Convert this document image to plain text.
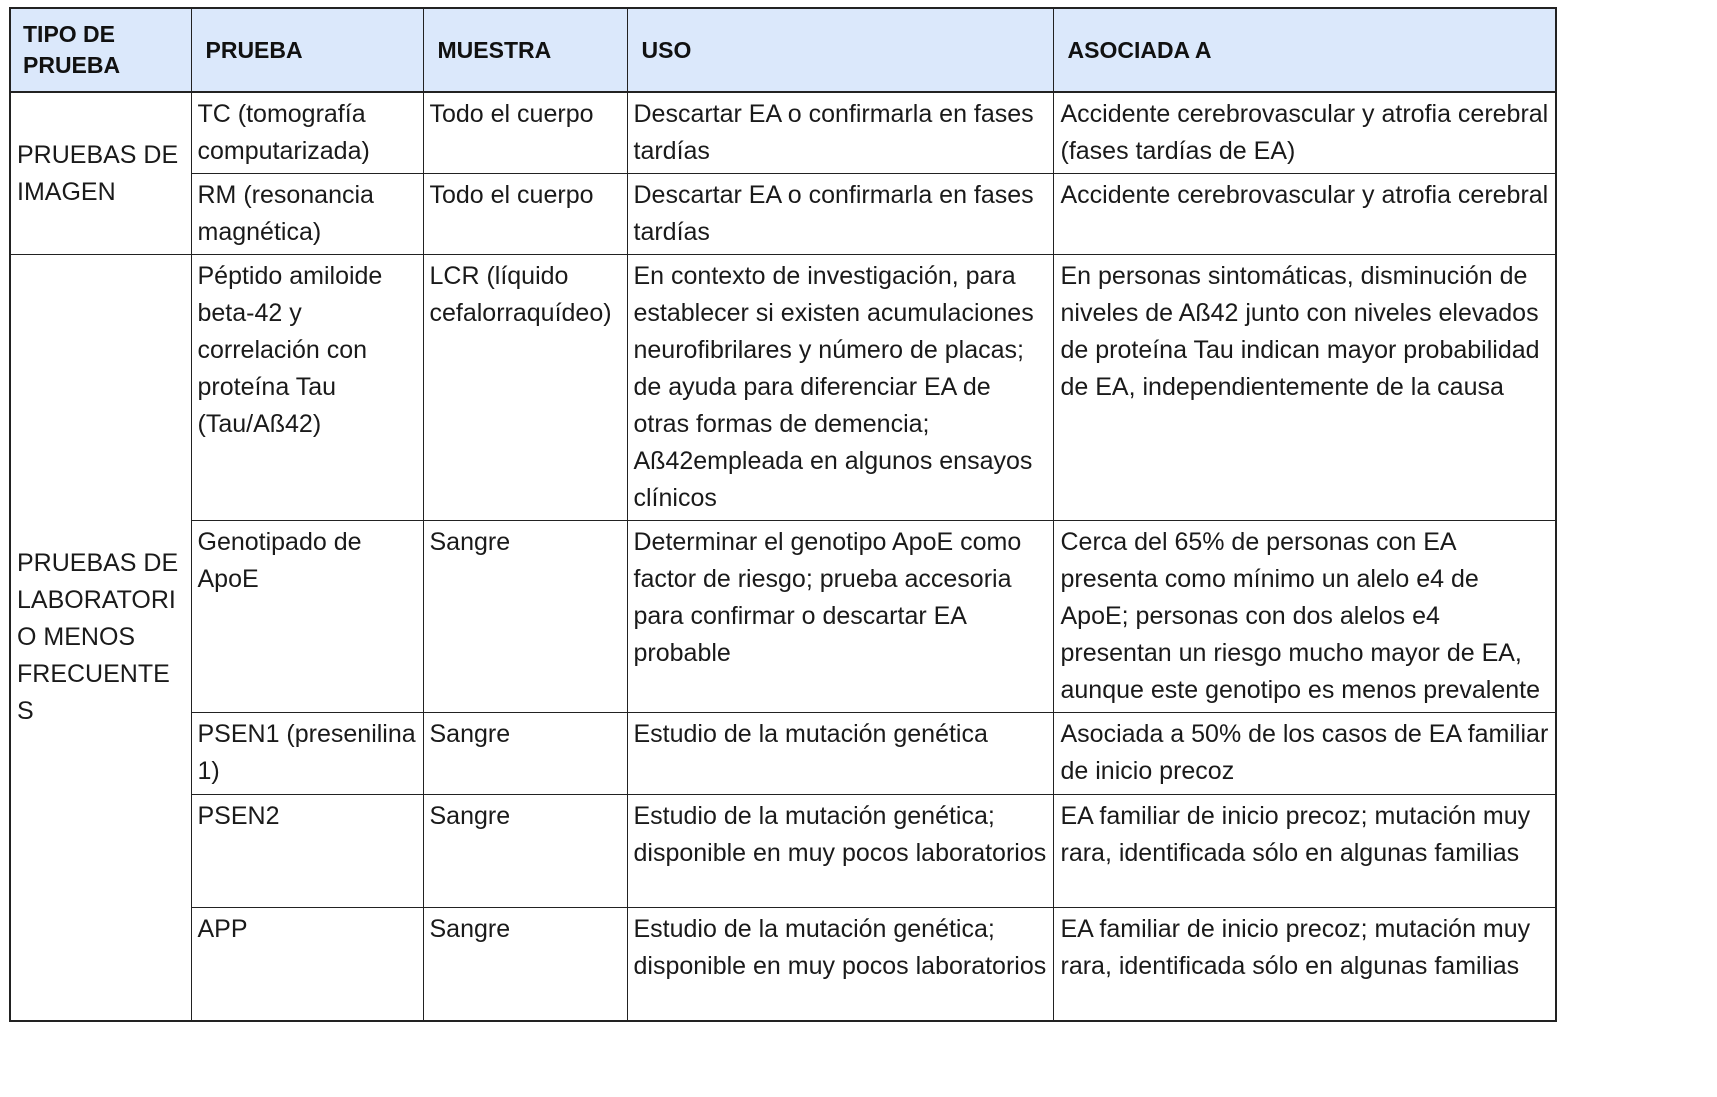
TIPO DE PRUEBA	PRUEBA	MUESTRA	USO	ASOCIADA A
PRUEBAS DE IMAGEN	TC (tomografía computarizada)	Todo el cuerpo	Descartar EA o confirmarla en fases tardías	Accidente cerebrovascular y atrofia cerebral (fases tardías de EA)
	RM (resonancia magnética)	Todo el cuerpo	Descartar EA o confirmarla en fases tardías	Accidente cerebrovascular y atrofia cerebral
PRUEBAS DE LABORATORIO MENOS FRECUENTES	Péptido amiloide beta-42 y correlación con proteína Tau (Tau/Aß42)	LCR (líquido cefalorraquídeo)	En contexto de investigación, para establecer si existen acumulaciones neurofibrilares y número de placas; de ayuda para diferenciar EA de otras formas de demencia; Aß42empleada en algunos ensayos clínicos	En personas sintomáticas, disminución de niveles de Aß42 junto con niveles elevados de proteína Tau indican mayor probabilidad de EA, independientemente de la causa
	Genotipado de ApoE	Sangre	Determinar el genotipo ApoE como factor de riesgo; prueba accesoria para confirmar o descartar EA probable	Cerca del 65% de personas con EA presenta como mínimo un alelo e4 de ApoE; personas con dos alelos e4 presentan un riesgo mucho mayor de EA, aunque este genotipo es menos prevalente
	PSEN1 (presenilina 1)	Sangre	Estudio de la mutación genética	Asociada a 50% de los casos de EA familiar de inicio precoz
	PSEN2	Sangre	Estudio de la mutación genética; disponible en muy pocos laboratorios	EA familiar de inicio precoz; mutación muy rara, identificada sólo en algunas familias
	APP	Sangre	Estudio de la mutación genética; disponible en muy pocos laboratorios	EA familiar de inicio precoz; mutación muy rara, identificada sólo en algunas familias
